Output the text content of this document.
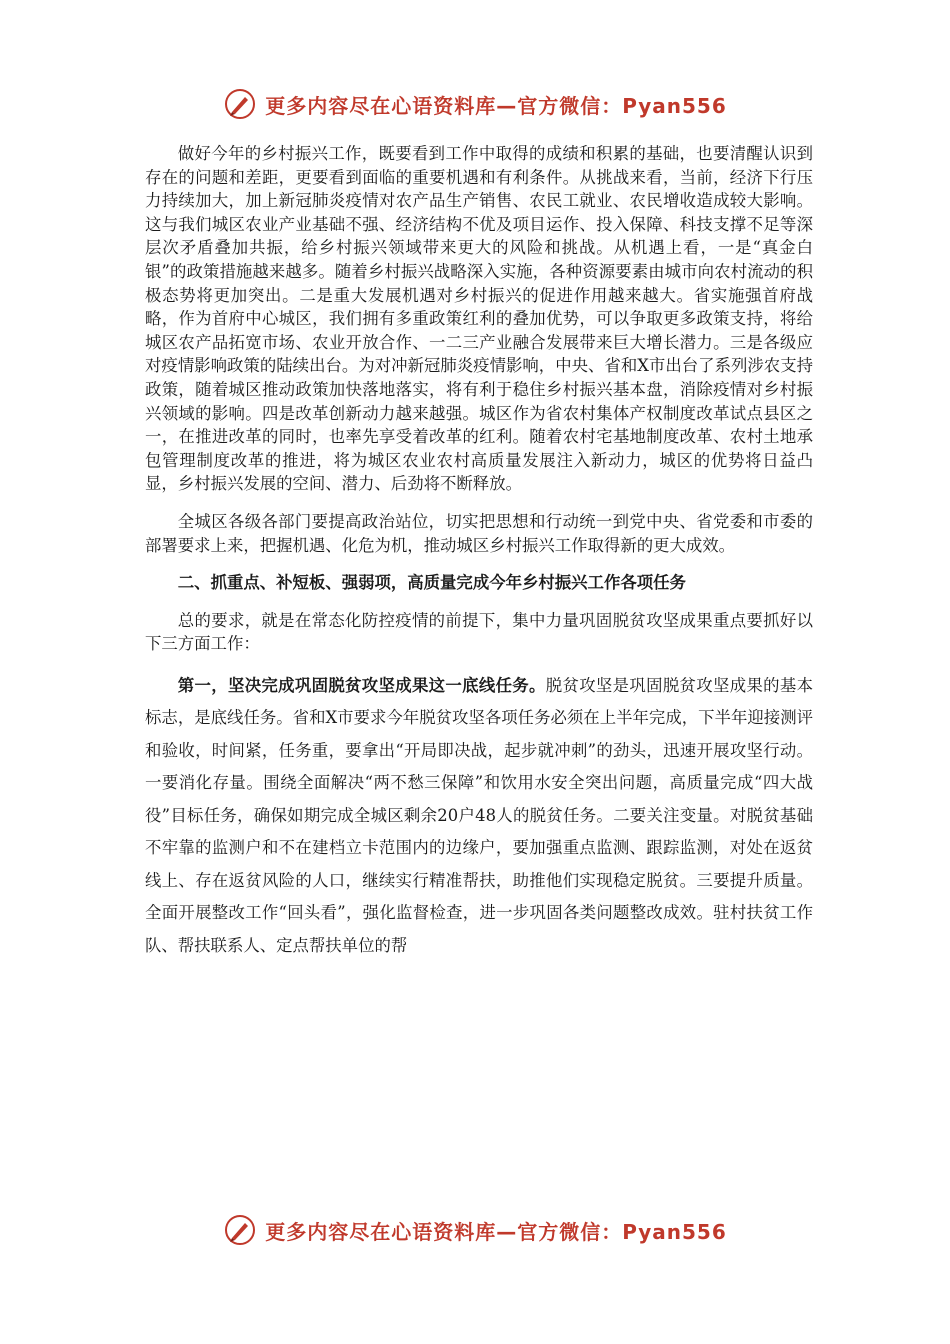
更多内容尽在心语资料库—官方微信：Pyan556

做好今年的乡村振兴工作，既要看到工作中取得的成绩和积累的基础，也要清醒认识到存在的问题和差距，更要看到面临的重要机遇和有利条件。从挑战来看，当前，经济下行压力持续加大，加上新冠肺炎疫情对农产品生产销售、农民工就业、农民增收造成较大影响。这与我们城区农业产业基础不强、经济结构不优及项目运作、投入保障、科技支撑不足等深层次矛盾叠加共振，给乡村振兴领域带来更大的风险和挑战。从机遇上看，一是“真金白银”的政策措施越来越多。随着乡村振兴战略深入实施，各种资源要素由城市向农村流动的积极态势将更加突出。二是重大发展机遇对乡村振兴的促进作用越来越大。省实施强首府战略，作为首府中心城区，我们拥有多重政策红利的叠加优势，可以争取更多政策支持，将给城区农产品拓宽市场、农业开放合作、一二三产业融合发展带来巨大增长潜力。三是各级应对疫情影响政策的陆续出台。为对冲新冠肺炎疫情影响，中央、省和X市出台了系列涉农支持政策，随着城区推动政策加快落地落实，将有利于稳住乡村振兴基本盘，消除疫情对乡村振兴领域的影响。四是改革创新动力越来越强。城区作为省农村集体产权制度改革试点县区之一，在推进改革的同时，也率先享受着改革的红利。随着农村宅基地制度改革、农村土地承包管理制度改革的推进，将为城区农业农村高质量发展注入新动力，城区的优势将日益凸显，乡村振兴发展的空间、潜力、后劲将不断释放。

全城区各级各部门要提高政治站位，切实把思想和行动统一到党中央、省党委和市委的部署要求上来，把握机遇、化危为机，推动城区乡村振兴工作取得新的更大成效。

二、抓重点、补短板、强弱项，高质量完成今年乡村振兴工作各项任务

总的要求，就是在常态化防控疫情的前提下，集中力量巩固脱贫攻坚成果重点要抓好以下三方面工作：

第一，坚决完成巩固脱贫攻坚成果这一底线任务。脱贫攻坚是巩固脱贫攻坚成果的基本标志，是底线任务。省和X市要求今年脱贫攻坚各项任务必须在上半年完成，下半年迎接测评和验收，时间紧，任务重，要拿出“开局即决战，起步就冲刺”的劲头，迅速开展攻坚行动。一要消化存量。围绕全面解决“两不愁三保障”和饮用水安全突出问题，高质量完成“四大战役”目标任务，确保如期完成全城区剩余20户48人的脱贫任务。二要关注变量。对脱贫基础不牢靠的监测户和不在建档立卡范围内的边缘户，要加强重点监测、跟踪监测，对处在返贫线上、存在返贫风险的人口，继续实行精准帮扶，助推他们实现稳定脱贫。三要提升质量。全面开展整改工作“回头看”，强化监督检查，进一步巩固各类问题整改成效。驻村扶贫工作队、帮扶联系人、定点帮扶单位的帮

更多内容尽在心语资料库—官方微信：Pyan556
